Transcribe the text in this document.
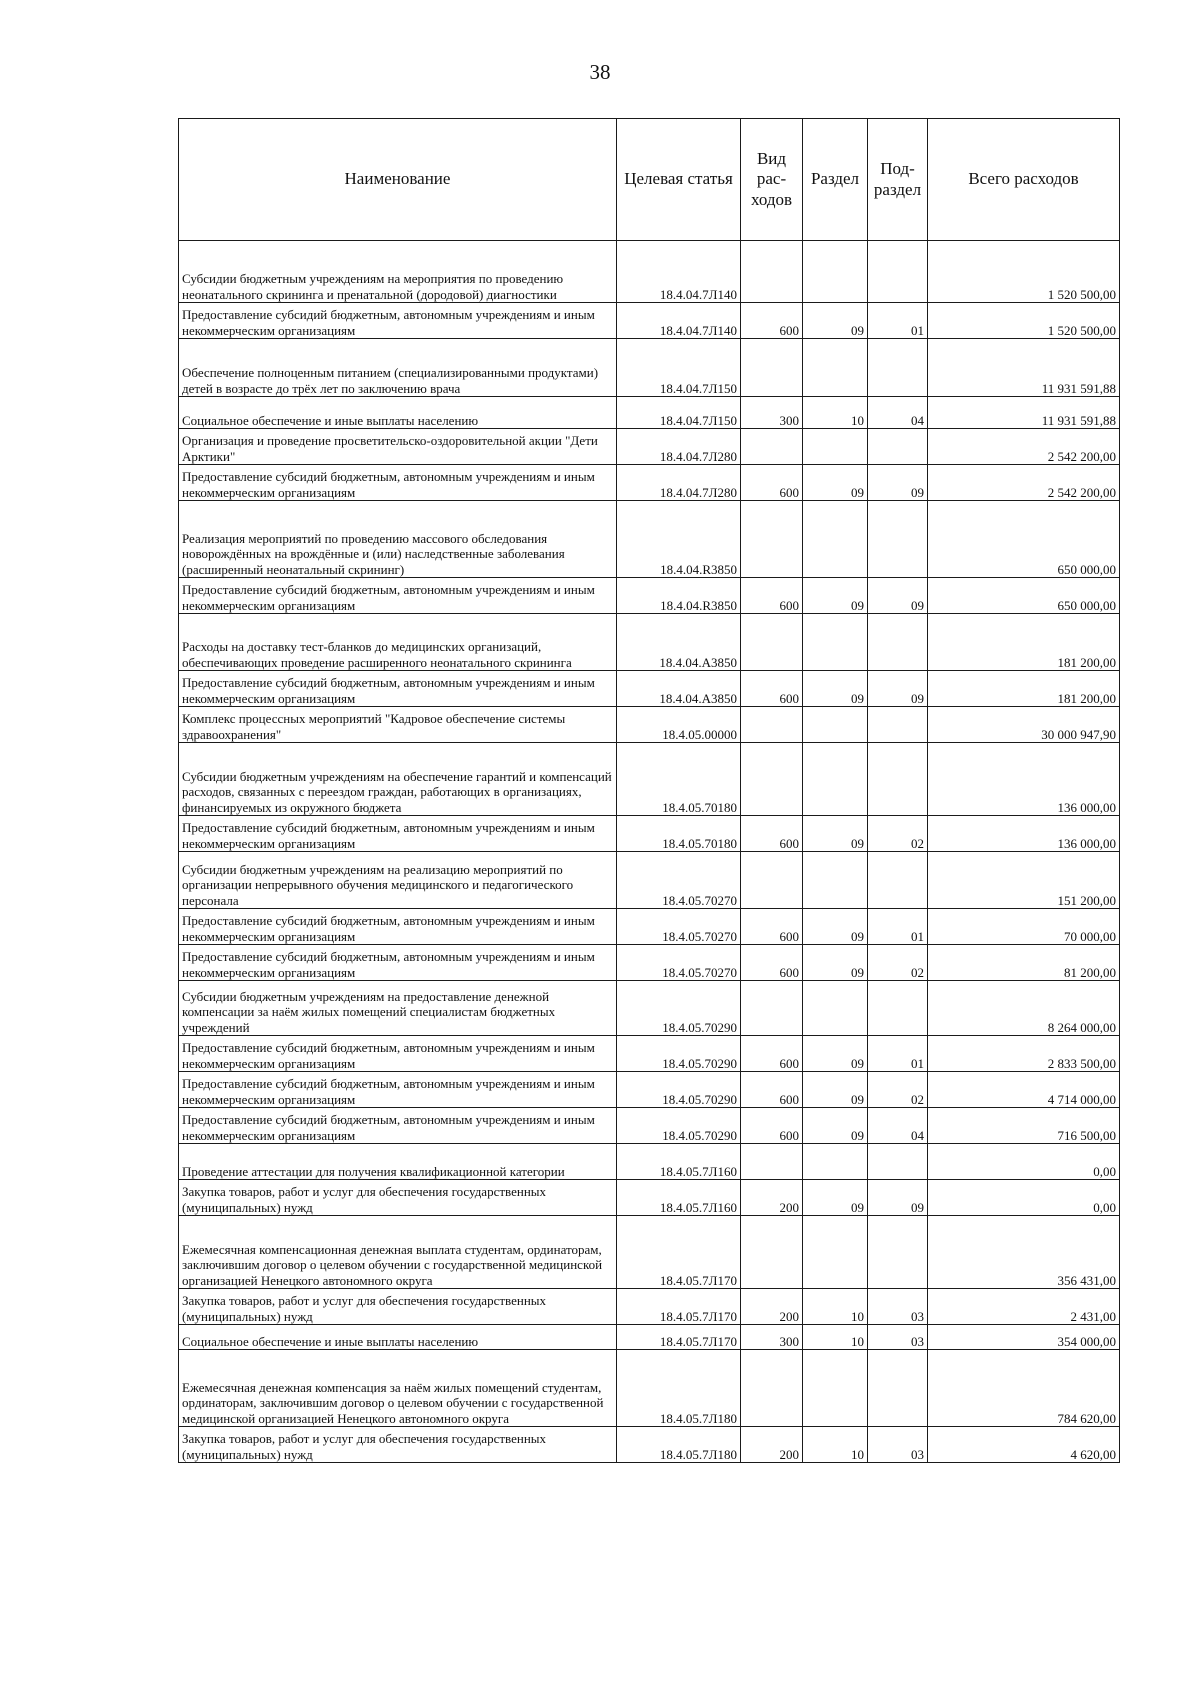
38
Наименование	Целевая статья	Вид рас- ходов	Раздел	Под- раздел	Всего расходов
Субсидии бюджетным учреждениям на мероприятия по проведению неонатального скрининга и пренатальной (дородовой) диагностики	18.4.04.7Л140				1 520 500,00
Предоставление субсидий бюджетным, автономным учреждениям и иным некоммерческим организациям	18.4.04.7Л140	600	09	01	1 520 500,00
Обеспечение полноценным питанием (специализированными продуктами) детей в возрасте до трёх лет по заключению врача	18.4.04.7Л150				11 931 591,88
Социальное обеспечение и иные выплаты населению	18.4.04.7Л150	300	10	04	11 931 591,88
Организация и проведение просветительско-оздоровительной акции "Дети Арктики"	18.4.04.7Л280				2 542 200,00
Предоставление субсидий бюджетным, автономным учреждениям и иным некоммерческим организациям	18.4.04.7Л280	600	09	09	2 542 200,00
Реализация мероприятий по проведению массового обследования новорождённых на врождённые и (или) наследственные заболевания (расширенный неонатальный скрининг)	18.4.04.R3850				650 000,00
Предоставление субсидий бюджетным, автономным учреждениям и иным некоммерческим организациям	18.4.04.R3850	600	09	09	650 000,00
Расходы на доставку тест-бланков до медицинских организаций, обеспечивающих проведение расширенного неонатального скрининга	18.4.04.А3850				181 200,00
Предоставление субсидий бюджетным, автономным учреждениям и иным некоммерческим организациям	18.4.04.А3850	600	09	09	181 200,00
Комплекс процессных мероприятий "Кадровое обеспечение системы здравоохранения"	18.4.05.00000				30 000 947,90
Субсидии бюджетным учреждениям на обеспечение гарантий и компенсаций расходов, связанных с переездом граждан, работающих в организациях, финансируемых из окружного бюджета	18.4.05.70180				136 000,00
Предоставление субсидий бюджетным, автономным учреждениям и иным некоммерческим организациям	18.4.05.70180	600	09	02	136 000,00
Субсидии бюджетным учреждениям на реализацию мероприятий по организации непрерывного обучения медицинского и педагогического персонала	18.4.05.70270				151 200,00
Предоставление субсидий бюджетным, автономным учреждениям и иным некоммерческим организациям	18.4.05.70270	600	09	01	70 000,00
Предоставление субсидий бюджетным, автономным учреждениям и иным некоммерческим организациям	18.4.05.70270	600	09	02	81 200,00
Субсидии бюджетным учреждениям на предоставление денежной компенсации за наём жилых помещений специалистам бюджетных учреждений	18.4.05.70290				8 264 000,00
Предоставление субсидий бюджетным, автономным учреждениям и иным некоммерческим организациям	18.4.05.70290	600	09	01	2 833 500,00
Предоставление субсидий бюджетным, автономным учреждениям и иным некоммерческим организациям	18.4.05.70290	600	09	02	4 714 000,00
Предоставление субсидий бюджетным, автономным учреждениям и иным некоммерческим организациям	18.4.05.70290	600	09	04	716 500,00
Проведение аттестации для получения квалификационной категории	18.4.05.7Л160				0,00
Закупка товаров, работ и услуг для обеспечения государственных (муниципальных) нужд	18.4.05.7Л160	200	09	09	0,00
Ежемесячная компенсационная денежная выплата студентам, ординаторам, заключившим договор о целевом обучении с государственной медицинской организацией Ненецкого автономного округа	18.4.05.7Л170				356 431,00
Закупка товаров, работ и услуг для обеспечения государственных (муниципальных) нужд	18.4.05.7Л170	200	10	03	2 431,00
Социальное обеспечение и иные выплаты населению	18.4.05.7Л170	300	10	03	354 000,00
Ежемесячная денежная компенсация за наём жилых помещений студентам, ординаторам, заключившим договор о целевом обучении с государственной медицинской организацией Ненецкого автономного округа	18.4.05.7Л180				784 620,00
Закупка товаров, работ и услуг для обеспечения государственных (муниципальных) нужд	18.4.05.7Л180	200	10	03	4 620,00
